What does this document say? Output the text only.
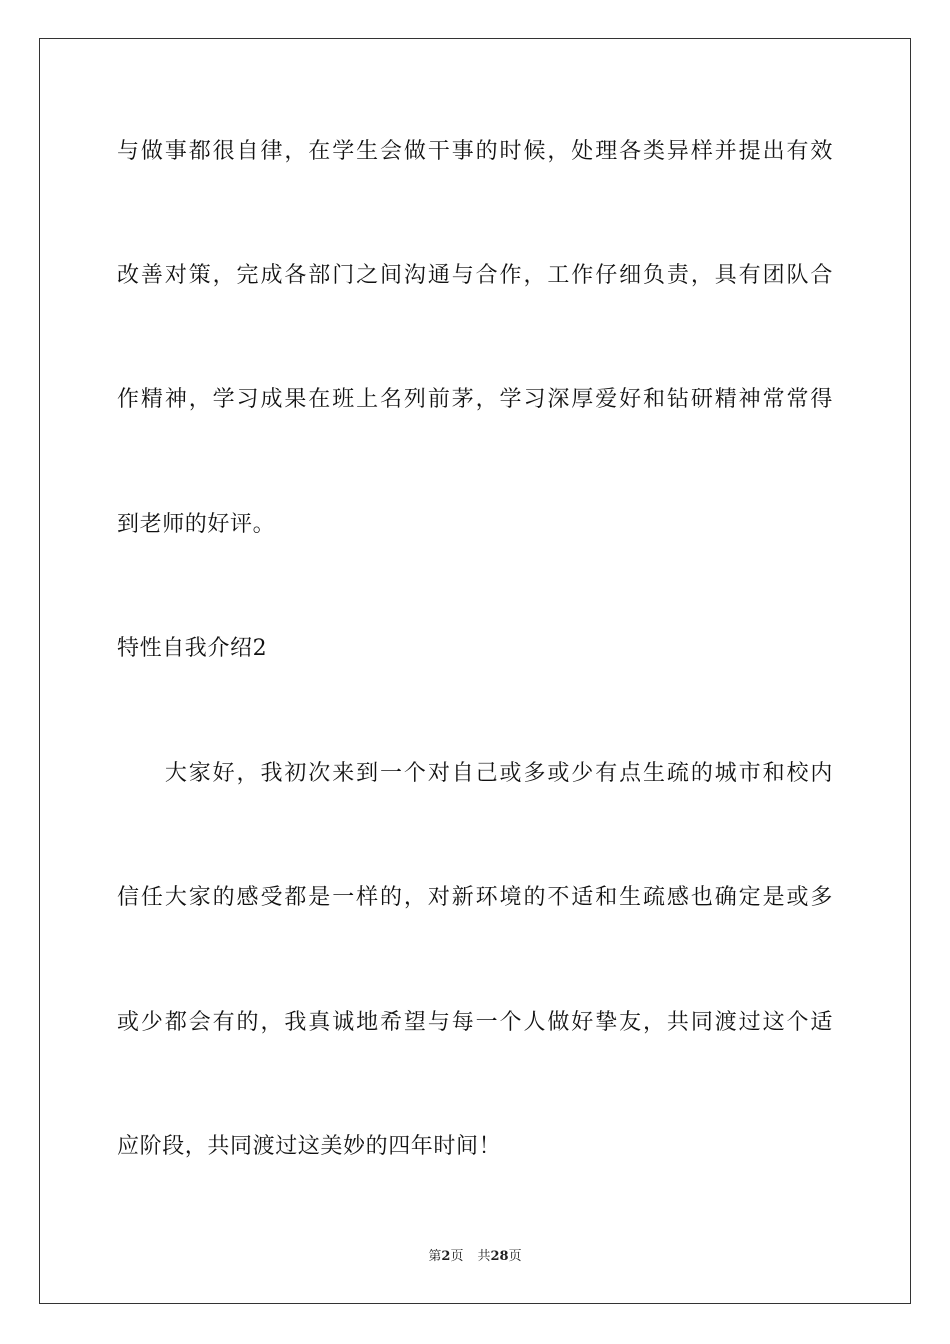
与做事都很自律，在学生会做干事的时候，处理各类异样并提出有效
改善对策，完成各部门之间沟通与合作，工作仔细负责，具有团队合
作精神，学习成果在班上名列前茅，学习深厚爱好和钻研精神常常得
到老师的好评。
特性自我介绍2
　　大家好，我初次来到一个对自己或多或少有点生疏的城市和校内
信任大家的感受都是一样的，对新环境的不适和生疏感也确定是或多
或少都会有的，我真诚地希望与每一个人做好挚友，共同渡过这个适
应阶段，共同渡过这美妙的四年时间！
第2页 共28页
